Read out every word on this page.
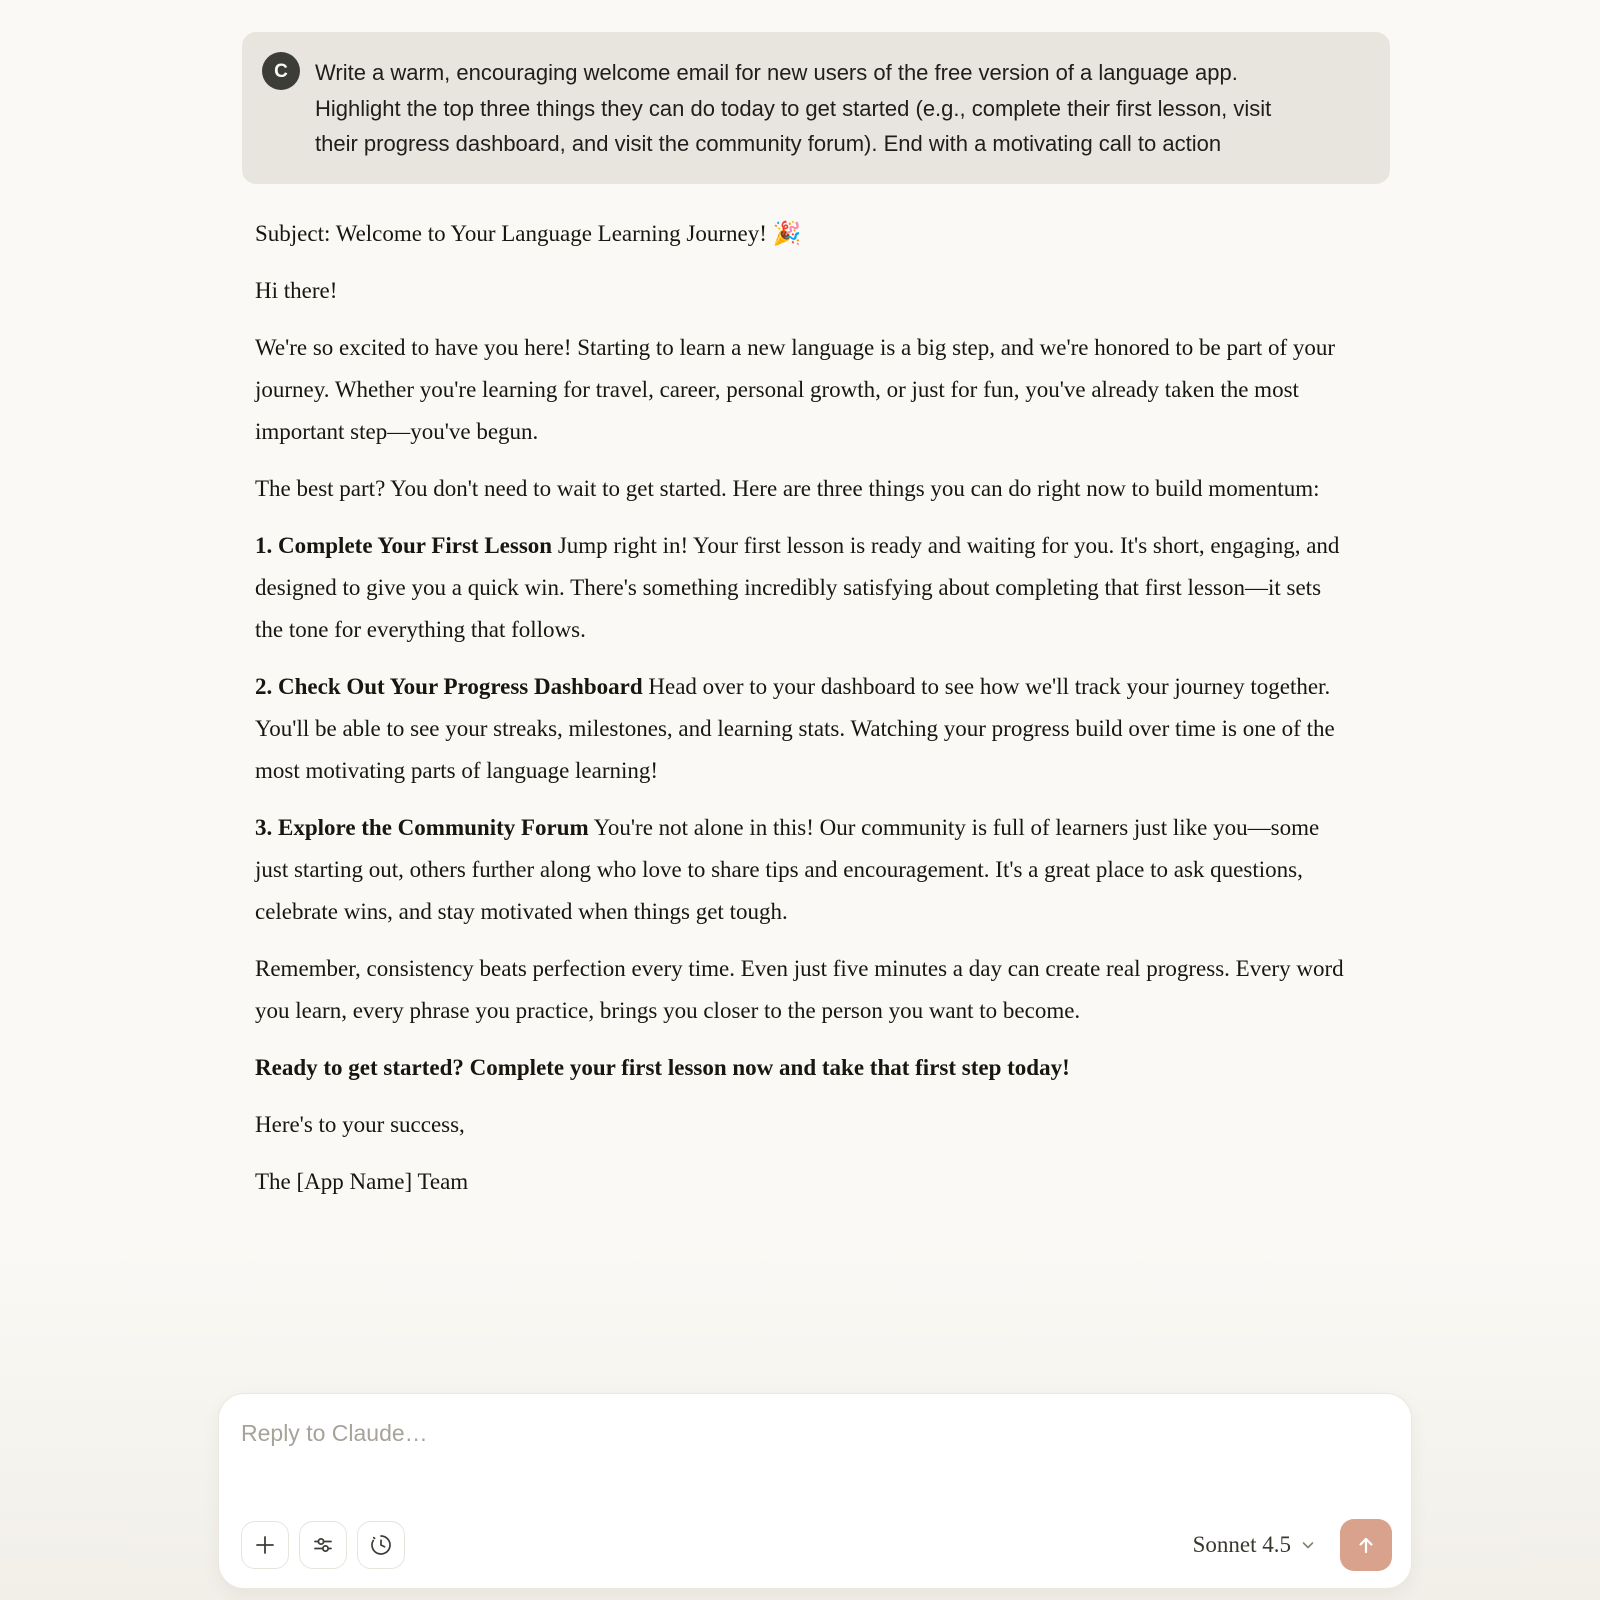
C Write a warm, encouraging welcome email for new users of the free version of a language app. Highlight the top three things they can do today to get started (e.g., complete their first lesson, visit their progress dashboard, and visit the community forum). End with a motivating call to action

Subject: Welcome to Your Language Learning Journey! 🎉

Hi there!

We're so excited to have you here! Starting to learn a new language is a big step, and we're honored to be part of your journey. Whether you're learning for travel, career, personal growth, or just for fun, you've already taken the most important step—you've begun.

The best part? You don't need to wait to get started. Here are three things you can do right now to build momentum:

1. Complete Your First Lesson Jump right in! Your first lesson is ready and waiting for you. It's short, engaging, and designed to give you a quick win. There's something incredibly satisfying about completing that first lesson—it sets the tone for everything that follows.

2. Check Out Your Progress Dashboard Head over to your dashboard to see how we'll track your journey together. You'll be able to see your streaks, milestones, and learning stats. Watching your progress build over time is one of the most motivating parts of language learning!

3. Explore the Community Forum You're not alone in this! Our community is full of learners just like you—some just starting out, others further along who love to share tips and encouragement. It's a great place to ask questions, celebrate wins, and stay motivated when things get tough.

Remember, consistency beats perfection every time. Even just five minutes a day can create real progress. Every word you learn, every phrase you practice, brings you closer to the person you want to become.

Ready to get started? Complete your first lesson now and take that first step today!

Here's to your success,

The [App Name] Team

Reply to Claude…
Sonnet 4.5
